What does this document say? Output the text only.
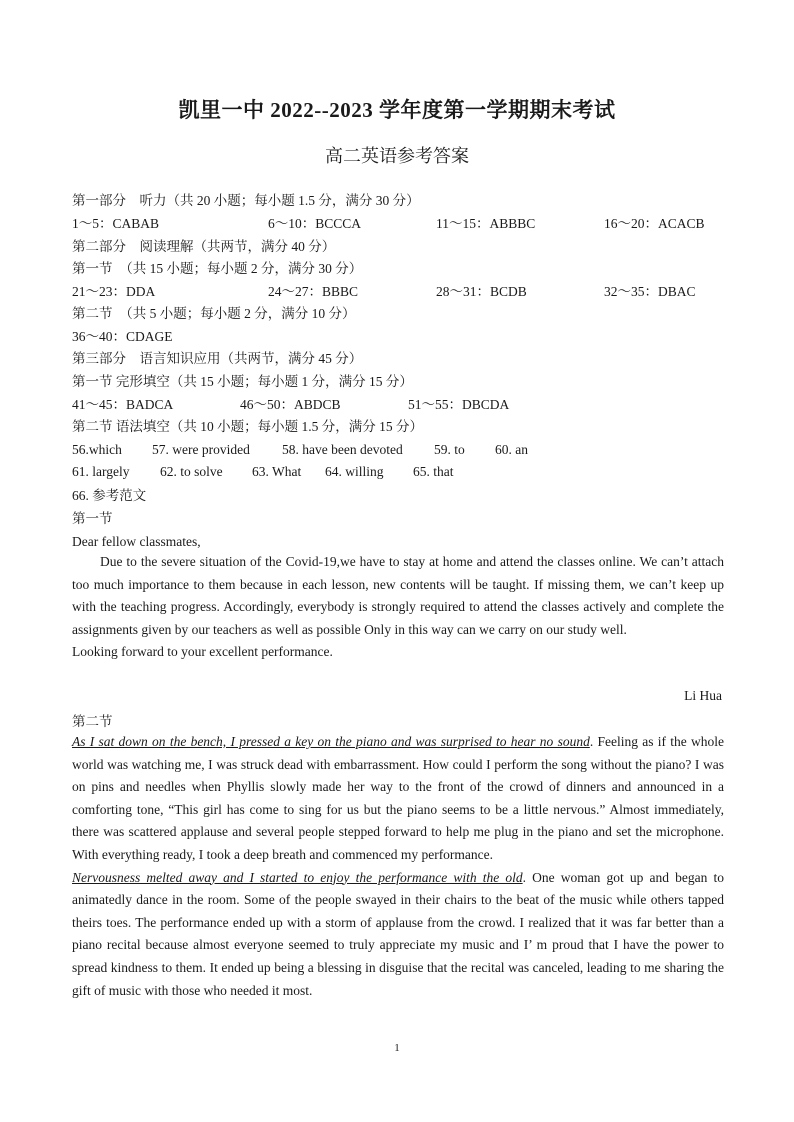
凯里一中 2022--2023 学年度第一学期期末考试
高二英语参考答案
第一部分　听力（共 20 小题；每小题 1.5 分，满分 30 分）
1～5：CABAB	6～10：BCCCA	11～15：ABBBC	16～20：ACACB
第二部分　阅读理解（共两节，满分 40 分）
第一节　（共 15 小题；每小题 2 分，满分 30 分）
21～23：DDA	24～27：BBBC	28～31：BCDB	32～35：DBAC
第二节　（共 5 小题；每小题 2 分，满分 10 分）
36～40：CDAGE
第三部分　语言知识应用（共两节，满分 45 分）
第一节 完形填空（共 15 小题；每小题 1 分，满分 15 分）
41～45：BADCA	46～50：ABDCB	51～55：DBCDA
第二节 语法填空（共 10 小题；每小题 1.5 分，满分 15 分）
56.which 57. were provided 58. have been devoted 59. to 60. an
61. largely 62. to solve 63. What 64. willing 65. that
66. 参考范文
第一节
Dear fellow classmates,

Due to the severe situation of the Covid-19,we have to stay at home and attend the classes online. We can’t attach too much importance to them because in each lesson, new contents will be taught. If missing them, we can’t keep up with the teaching progress. Accordingly, everybody is strongly required to attend the classes actively and complete the assignments given by our teachers as well as possible Only in this way can we carry on our study well.

Looking forward to your excellent performance.

Li Hua
第二节

As I sat down on the bench, I pressed a key on the piano and was surprised to hear no sound. Feeling as if the whole world was watching me, I was struck dead with embarrassment. How could I perform the song without the piano? I was on pins and needles when Phyllis slowly made her way to the front of the crowd of dinners and announced in a comforting tone, “This girl has come to sing for us but the piano seems to be a little nervous.” Almost immediately, there was scattered applause and several people stepped forward to help me plug in the piano and set the microphone. With everything ready, I took a deep breath and commenced my performance.

Nervousness melted away and I started to enjoy the performance with the old. One woman got up and began to animatedly dance in the room. Some of the people swayed in their chairs to the beat of the music while others tapped theirs toes. The performance ended up with a storm of applause from the crowd. I realized that it was far better than a piano recital because almost everyone seemed to truly appreciate my music and I’ m proud that I have the power to spread kindness to them. It ended up being a blessing in disguise that the recital was canceled, leading to me sharing the gift of music with those who needed it most.

1
